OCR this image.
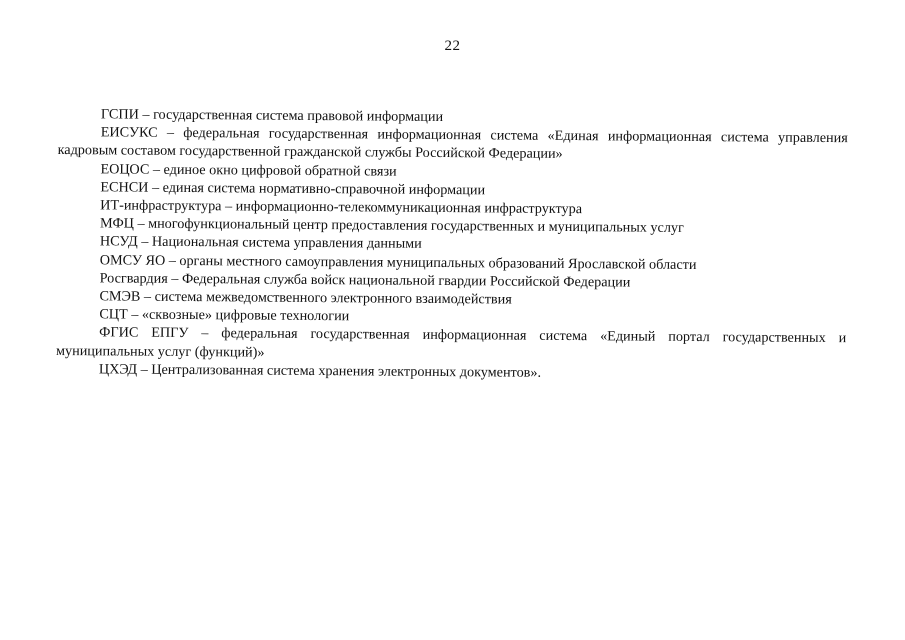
22

ГСПИ – государственная система правовой информации

ЕИСУКС – федеральная государственная информационная система «Единая информационная система управления кадровым составом государственной гражданской службы Российской Федерации»

ЕОЦОС – единое окно цифровой обратной связи

ЕСНСИ – единая система нормативно-справочной информации

ИТ-инфраструктура – информационно-телекоммуникационная инфраструктура

МФЦ – многофункциональный центр предоставления государственных и муниципальных услуг

НСУД – Национальная система управления данными

ОМСУ ЯО – органы местного самоуправления муниципальных образований Ярославской области

Росгвардия – Федеральная служба войск национальной гвардии Российской Федерации

СМЭВ – система межведомственного электронного взаимодействия

СЦТ – «сквозные» цифровые технологии

ФГИС ЕПГУ – федеральная государственная информационная система «Единый портал государственных и муниципальных услуг (функций)»

ЦХЭД – Централизованная система хранения электронных документов».
